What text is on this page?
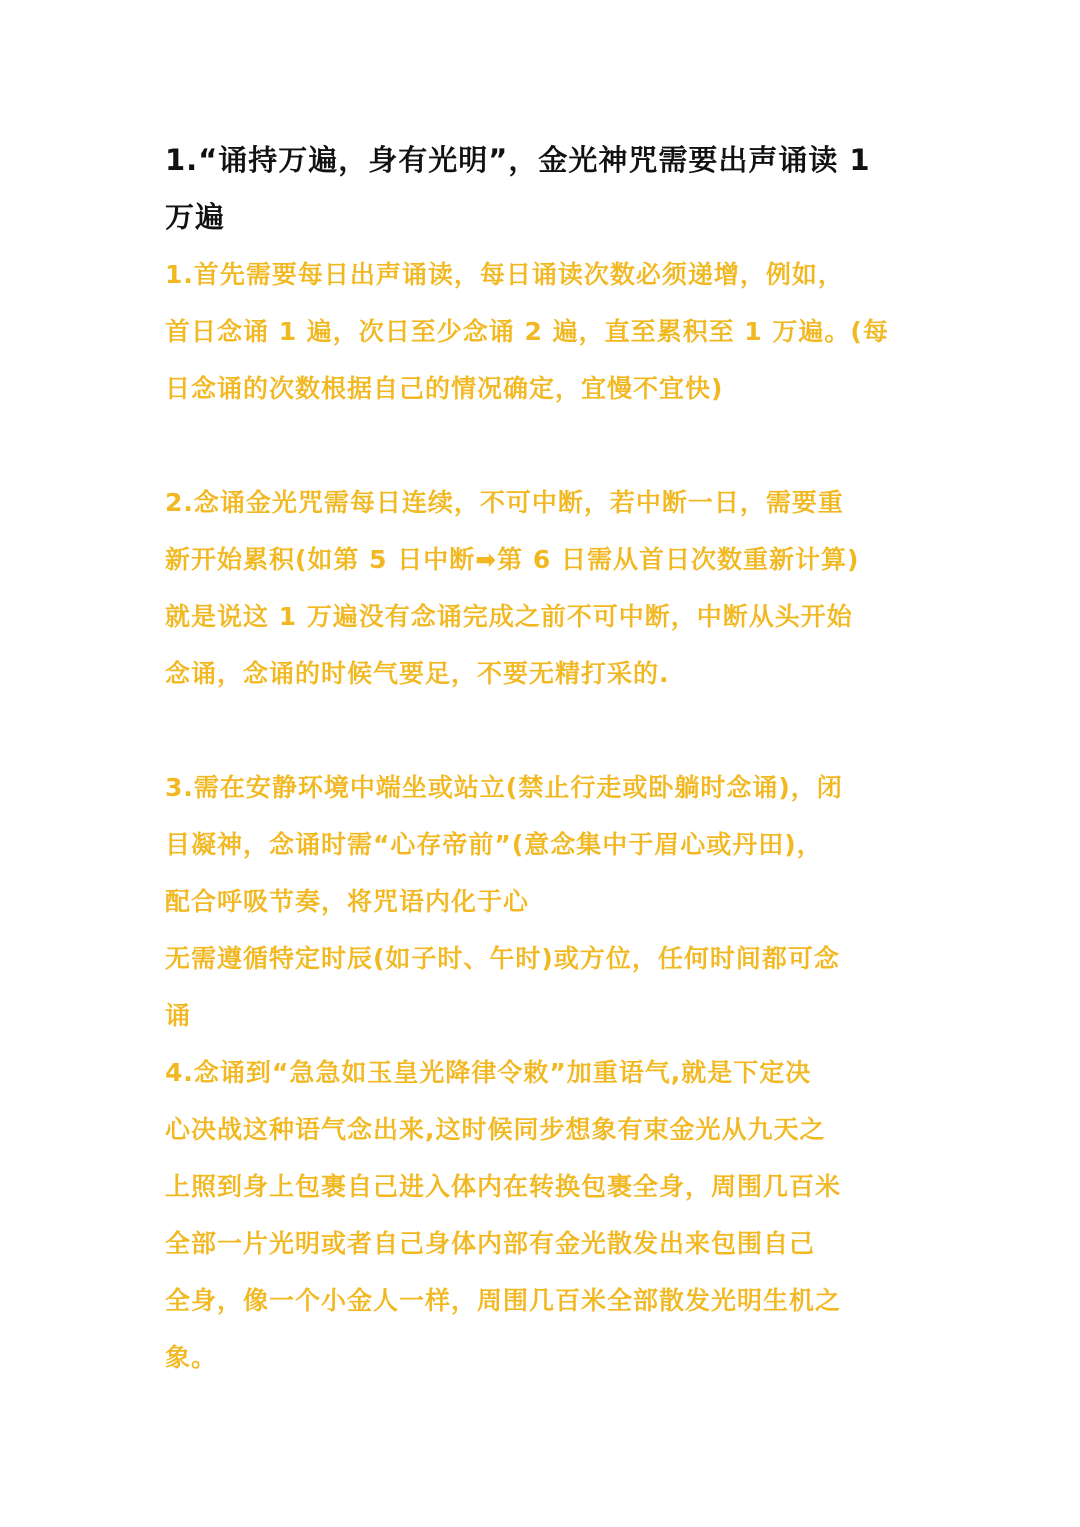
1.“诵持万遍，身有光明”，金光神咒需要出声诵读 1
万遍

1.首先需要每日出声诵读，每日诵读次数必须递增，例如，
首日念诵 1 遍，次日至少念诵 2 遍，直至累积至 1 万遍。(每
日念诵的次数根据自己的情况确定，宜慢不宜快)

2.念诵金光咒需每日连续，不可中断，若中断一日，需要重
新开始累积(如第 5 日中断➡第 6 日需从首日次数重新计算)
就是说这 1 万遍没有念诵完成之前不可中断，中断从头开始
念诵，念诵的时候气要足，不要无精打采的.

3.需在安静环境中端坐或站立(禁止行走或卧躺时念诵)，闭
目凝神，念诵时需“心存帝前”(意念集中于眉心或丹田)，
配合呼吸节奏，将咒语内化于心
无需遵循特定时辰(如子时、午时)或方位，任何时间都可念
诵
4.念诵到“急急如玉皇光降律令敕”加重语气,就是下定决
心决战这种语气念出来,这时候同步想象有束金光从九天之
上照到身上包裹自己进入体内在转换包裹全身，周围几百米
全部一片光明或者自己身体内部有金光散发出来包围自己
全身，像一个小金人一样，周围几百米全部散发光明生机之
象。
